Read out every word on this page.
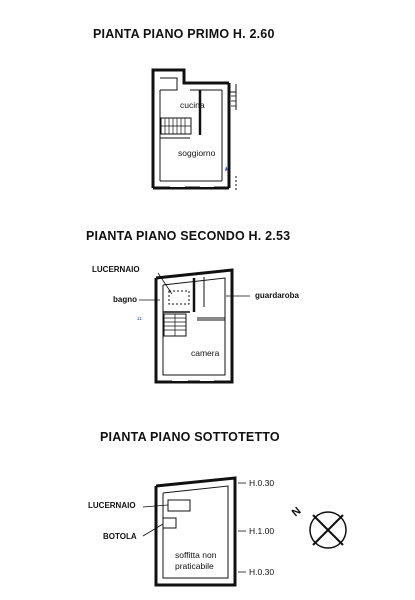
PIANTA PIANO PRIMO H. 2.60
PIANTA PIANO SECONDO H. 2.53
PIANTA PIANO SOTTOTETTO
cucina
soggiorno
¹¹
LUCERNAIO
bagno	guardaroba
camera
LUCERNAIO
BOTOLA
soffitta non
praticabile
H.0.30
H.1.00
H.0.30
N
